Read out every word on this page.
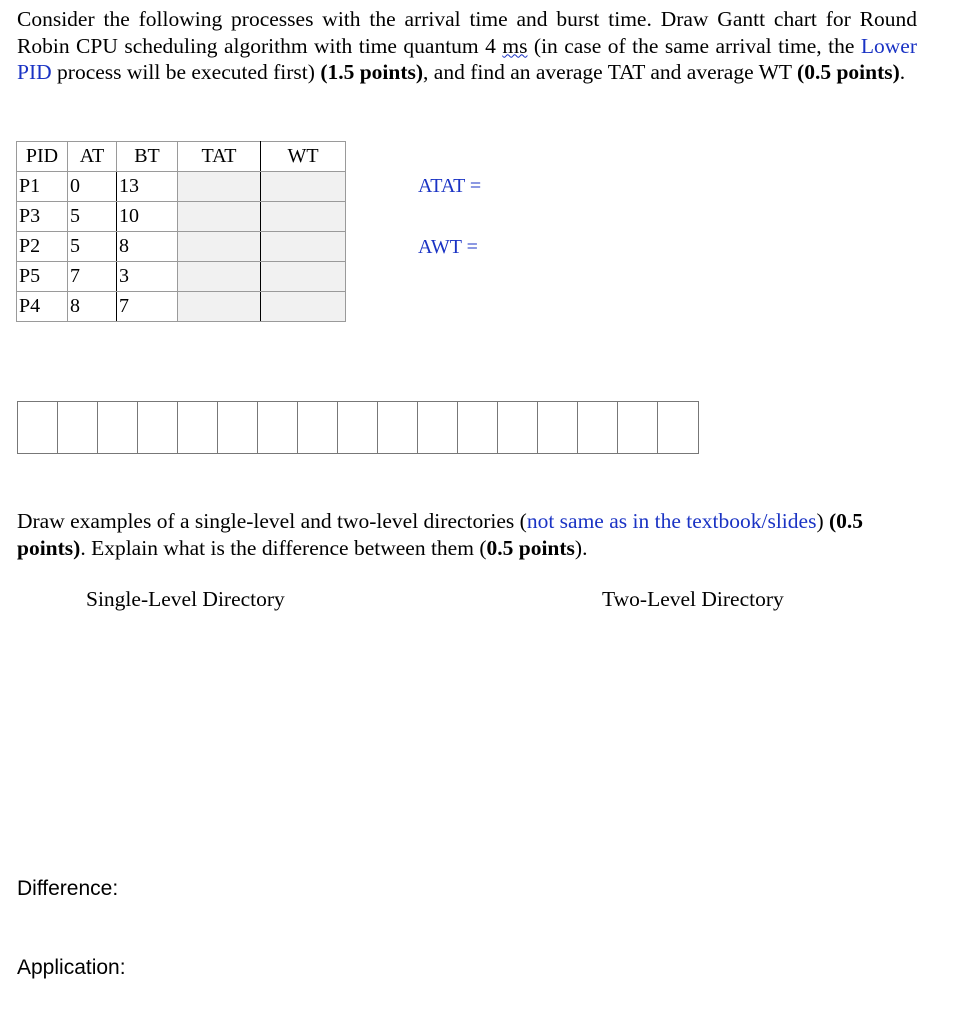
Consider the following processes with the arrival time and burst time. Draw Gantt chart for Round Robin CPU scheduling algorithm with time quantum 4 ms (in case of the same arrival time, the Lower PID process will be executed first) (1.5 points), and find an average TAT and average WT (0.5 points).
PID	AT	BT	TAT	WT
P1	0	13		
P3	5	10		
P2	5	8		
P5	7	3		
P4	8	7		
ATAT =
AWT =
Draw examples of a single-level and two-level directories (not same as in the textbook/slides) (0.5 points). Explain what is the difference between them (0.5 points).
Single-Level Directory	Two-Level Directory
Difference:
Application:
